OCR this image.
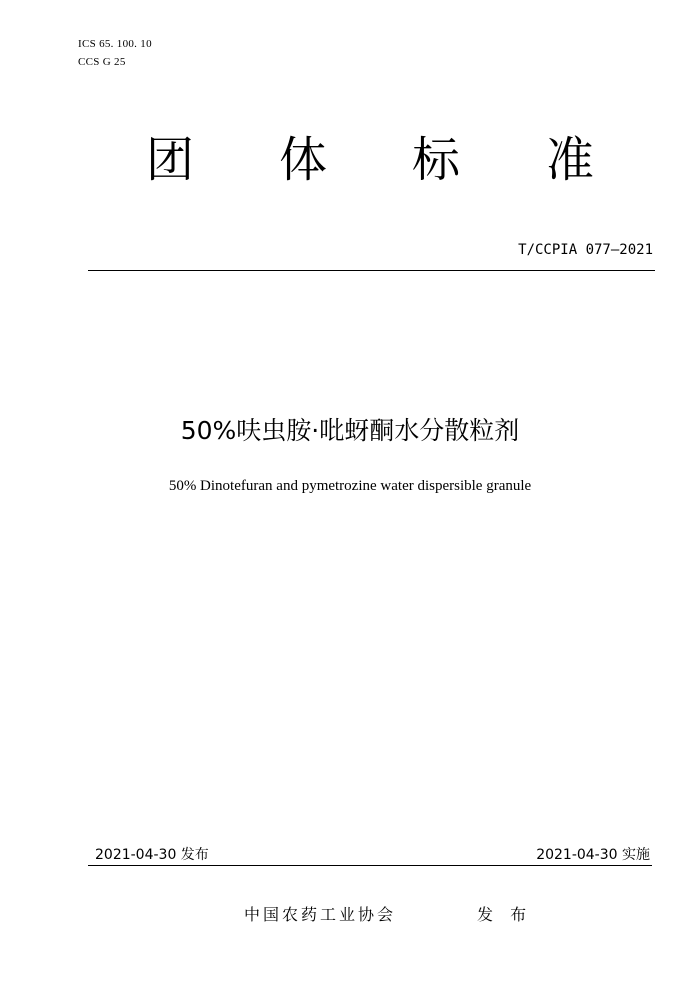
ICS 65. 100. 10
CCS G 25
团 体 标 准
T/CCPIA 077—2021
50%呋虫胺·吡蚜酮水分散粒剂
50% Dinotefuran and pymetrozine water dispersible granule
2021-04-30 发布	2021-04-30 实施
中国农药工业协会	发 布
